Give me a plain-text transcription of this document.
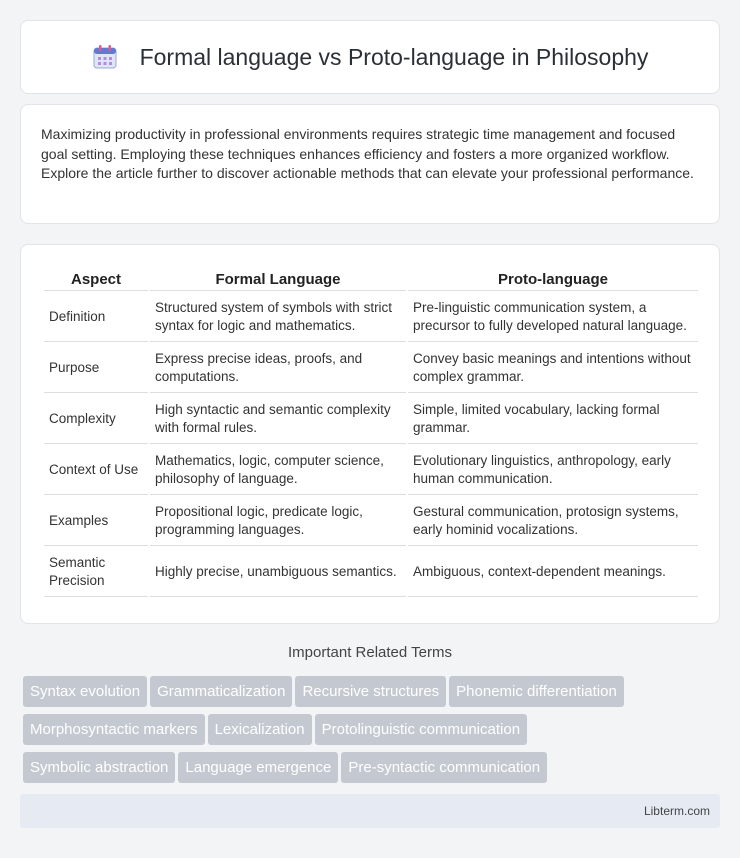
Formal language vs Proto-language in Philosophy

Maximizing productivity in professional environments requires strategic time management and focused goal setting. Employing these techniques enhances efficiency and fosters a more organized workflow. Explore the article further to discover actionable methods that can elevate your professional performance.

Aspect	Formal Language	Proto-language
Definition	Structured system of symbols with strict syntax for logic and mathematics.	Pre-linguistic communication system, a precursor to fully developed natural language.
Purpose	Express precise ideas, proofs, and computations.	Convey basic meanings and intentions without complex grammar.
Complexity	High syntactic and semantic complexity with formal rules.	Simple, limited vocabulary, lacking formal grammar.
Context of Use	Mathematics, logic, computer science, philosophy of language.	Evolutionary linguistics, anthropology, early human communication.
Examples	Propositional logic, predicate logic, programming languages.	Gestural communication, protosign systems, early hominid vocalizations.
Semantic Precision	Highly precise, unambiguous semantics.	Ambiguous, context-dependent meanings.
Important Related Terms
Syntax evolution Grammaticalization Recursive structures Phonemic differentiation
Morphosyntactic markers Lexicalization Protolinguistic communication
Symbolic abstraction Language emergence Pre-syntactic communication
Libterm.com
